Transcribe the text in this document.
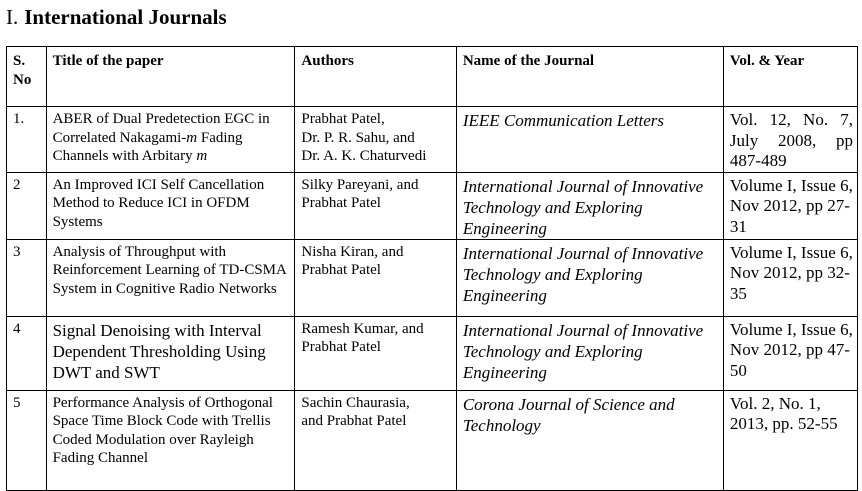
I. International Journals
S. No	Title of the paper	Authors	Name of the Journal	Vol. & Year
1.	ABER of Dual Predetection EGC in Correlated Nakagami-m Fading Channels with Arbitary m	Prabhat Patel,
Dr. P. R. Sahu, and
Dr. A. K. Chaturvedi	IEEE Communication Letters	Vol. 12, No. 7, July 2008, pp 487-489
2	An Improved ICI Self Cancellation Method to Reduce ICI in OFDM Systems	Silky Pareyani, and
Prabhat Patel	International Journal of Innovative Technology and Exploring Engineering	Volume I, Issue 6, Nov 2012, pp 27-31
3	Analysis of Throughput with Reinforcement Learning of TD-CSMA System in Cognitive Radio Networks	Nisha Kiran, and
Prabhat Patel	International Journal of Innovative Technology and Exploring Engineering	Volume I, Issue 6, Nov 2012, pp 32-35
4	Signal Denoising with Interval Dependent Thresholding Using DWT and SWT	Ramesh Kumar, and
Prabhat Patel	International Journal of Innovative Technology and Exploring Engineering	Volume I, Issue 6, Nov 2012, pp 47-50
5	Performance Analysis of Orthogonal Space Time Block Code with Trellis Coded Modulation over Rayleigh Fading Channel	Sachin Chaurasia,
and Prabhat Patel	Corona Journal of Science and Technology	Vol. 2, No. 1, 2013, pp. 52-55
